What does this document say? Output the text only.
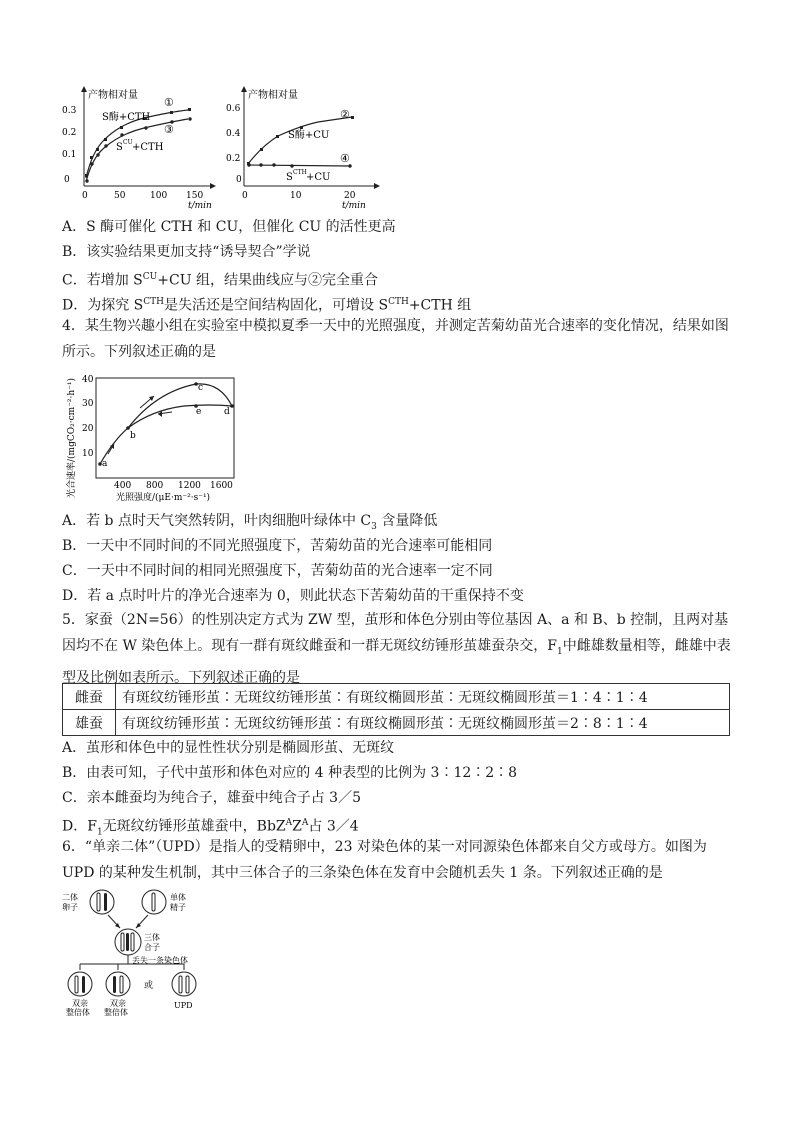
产物相对量
0
0.1
0.2
0.3
0	50	100 150
t/min
S酶+CTH
S CU +CTH
①
③
产物相对量
0
0.2
0.4
0.6
0	10	20
t/min
S酶+CU
S CTH +CU
②
④
A．S 酶可催化 CTH 和 CU，但催化 CU 的活性更高
B．该实验结果更加支持“诱导契合”学说
C．若增加 $S^{CU}+CU$ 组，结果曲线应与②完全重合
D．为探究 $S^{CTH}$是失活还是空间结构固化，可增设 $S^{CTH}+CTH$ 组
4．某生物兴趣小组在实验室中模拟夏季一天中的光照强度，并测定苦菊幼苗光合速率的变化情况，结果如图所示。下列叙述正确的是
光合速率/(mgCO₂·cm⁻²·h⁻¹) 40
30
20
10
400 800 1200 1600
光照强度/(μE·m⁻²·s⁻¹)
a
b
c
d
e
A．若 b 点时天气突然转阴，叶肉细胞叶绿体中 $C_3$ 含量降低
B．一天中不同时间的不同光照强度下，苦菊幼苗的光合速率可能相同
C．一天中不同时间的相同光照强度下，苦菊幼苗的光合速率一定不同
D．若 a 点时叶片的净光合速率为 0，则此状态下苦菊幼苗的干重保持不变
5．家蚕（2N=56）的性别决定方式为 ZW 型，茧形和体色分别由等位基因 A、a 和 B、b 控制，且两对基因均不在 W 染色体上。现有一群有斑纹雌蚕和一群无斑纹纺锤形茧雄蚕杂交，$F_1$中雌雄数量相等，雌雄中表型及比例如表所示。下列叙述正确的是
雌蚕	有斑纹纺锤形茧∶无斑纹纺锤形茧∶有斑纹椭圆形茧∶无斑纹椭圆形茧＝1∶4∶1∶4
雄蚕	有斑纹纺锤形茧∶无斑纹纺锤形茧∶有斑纹椭圆形茧∶无斑纹椭圆形茧＝2∶8∶1∶4
A．茧形和体色中的显性性状分别是椭圆形茧、无斑纹
B．由表可知，子代中茧形和体色对应的 4 种表型的比例为 3∶12∶2∶8
C．亲本雌蚕均为纯合子，雄蚕中纯合子占 3／5
D．$F_1$无斑纹纺锤形茧雄蚕中，$BbZ^AZ^A$占 3／4
6．“单亲二体”（UPD）是指人的受精卵中，23 对染色体的某一对同源染色体都来自父方或母方。如图为 UPD 的某种发生机制，其中三体合子的三条染色体在发育中会随机丢失 1 条。下列叙述正确的是
二体
卵子
单体
精子
三体
合子
丢失一条染色体
或
双亲
整倍体
双亲
整倍体
UPD
